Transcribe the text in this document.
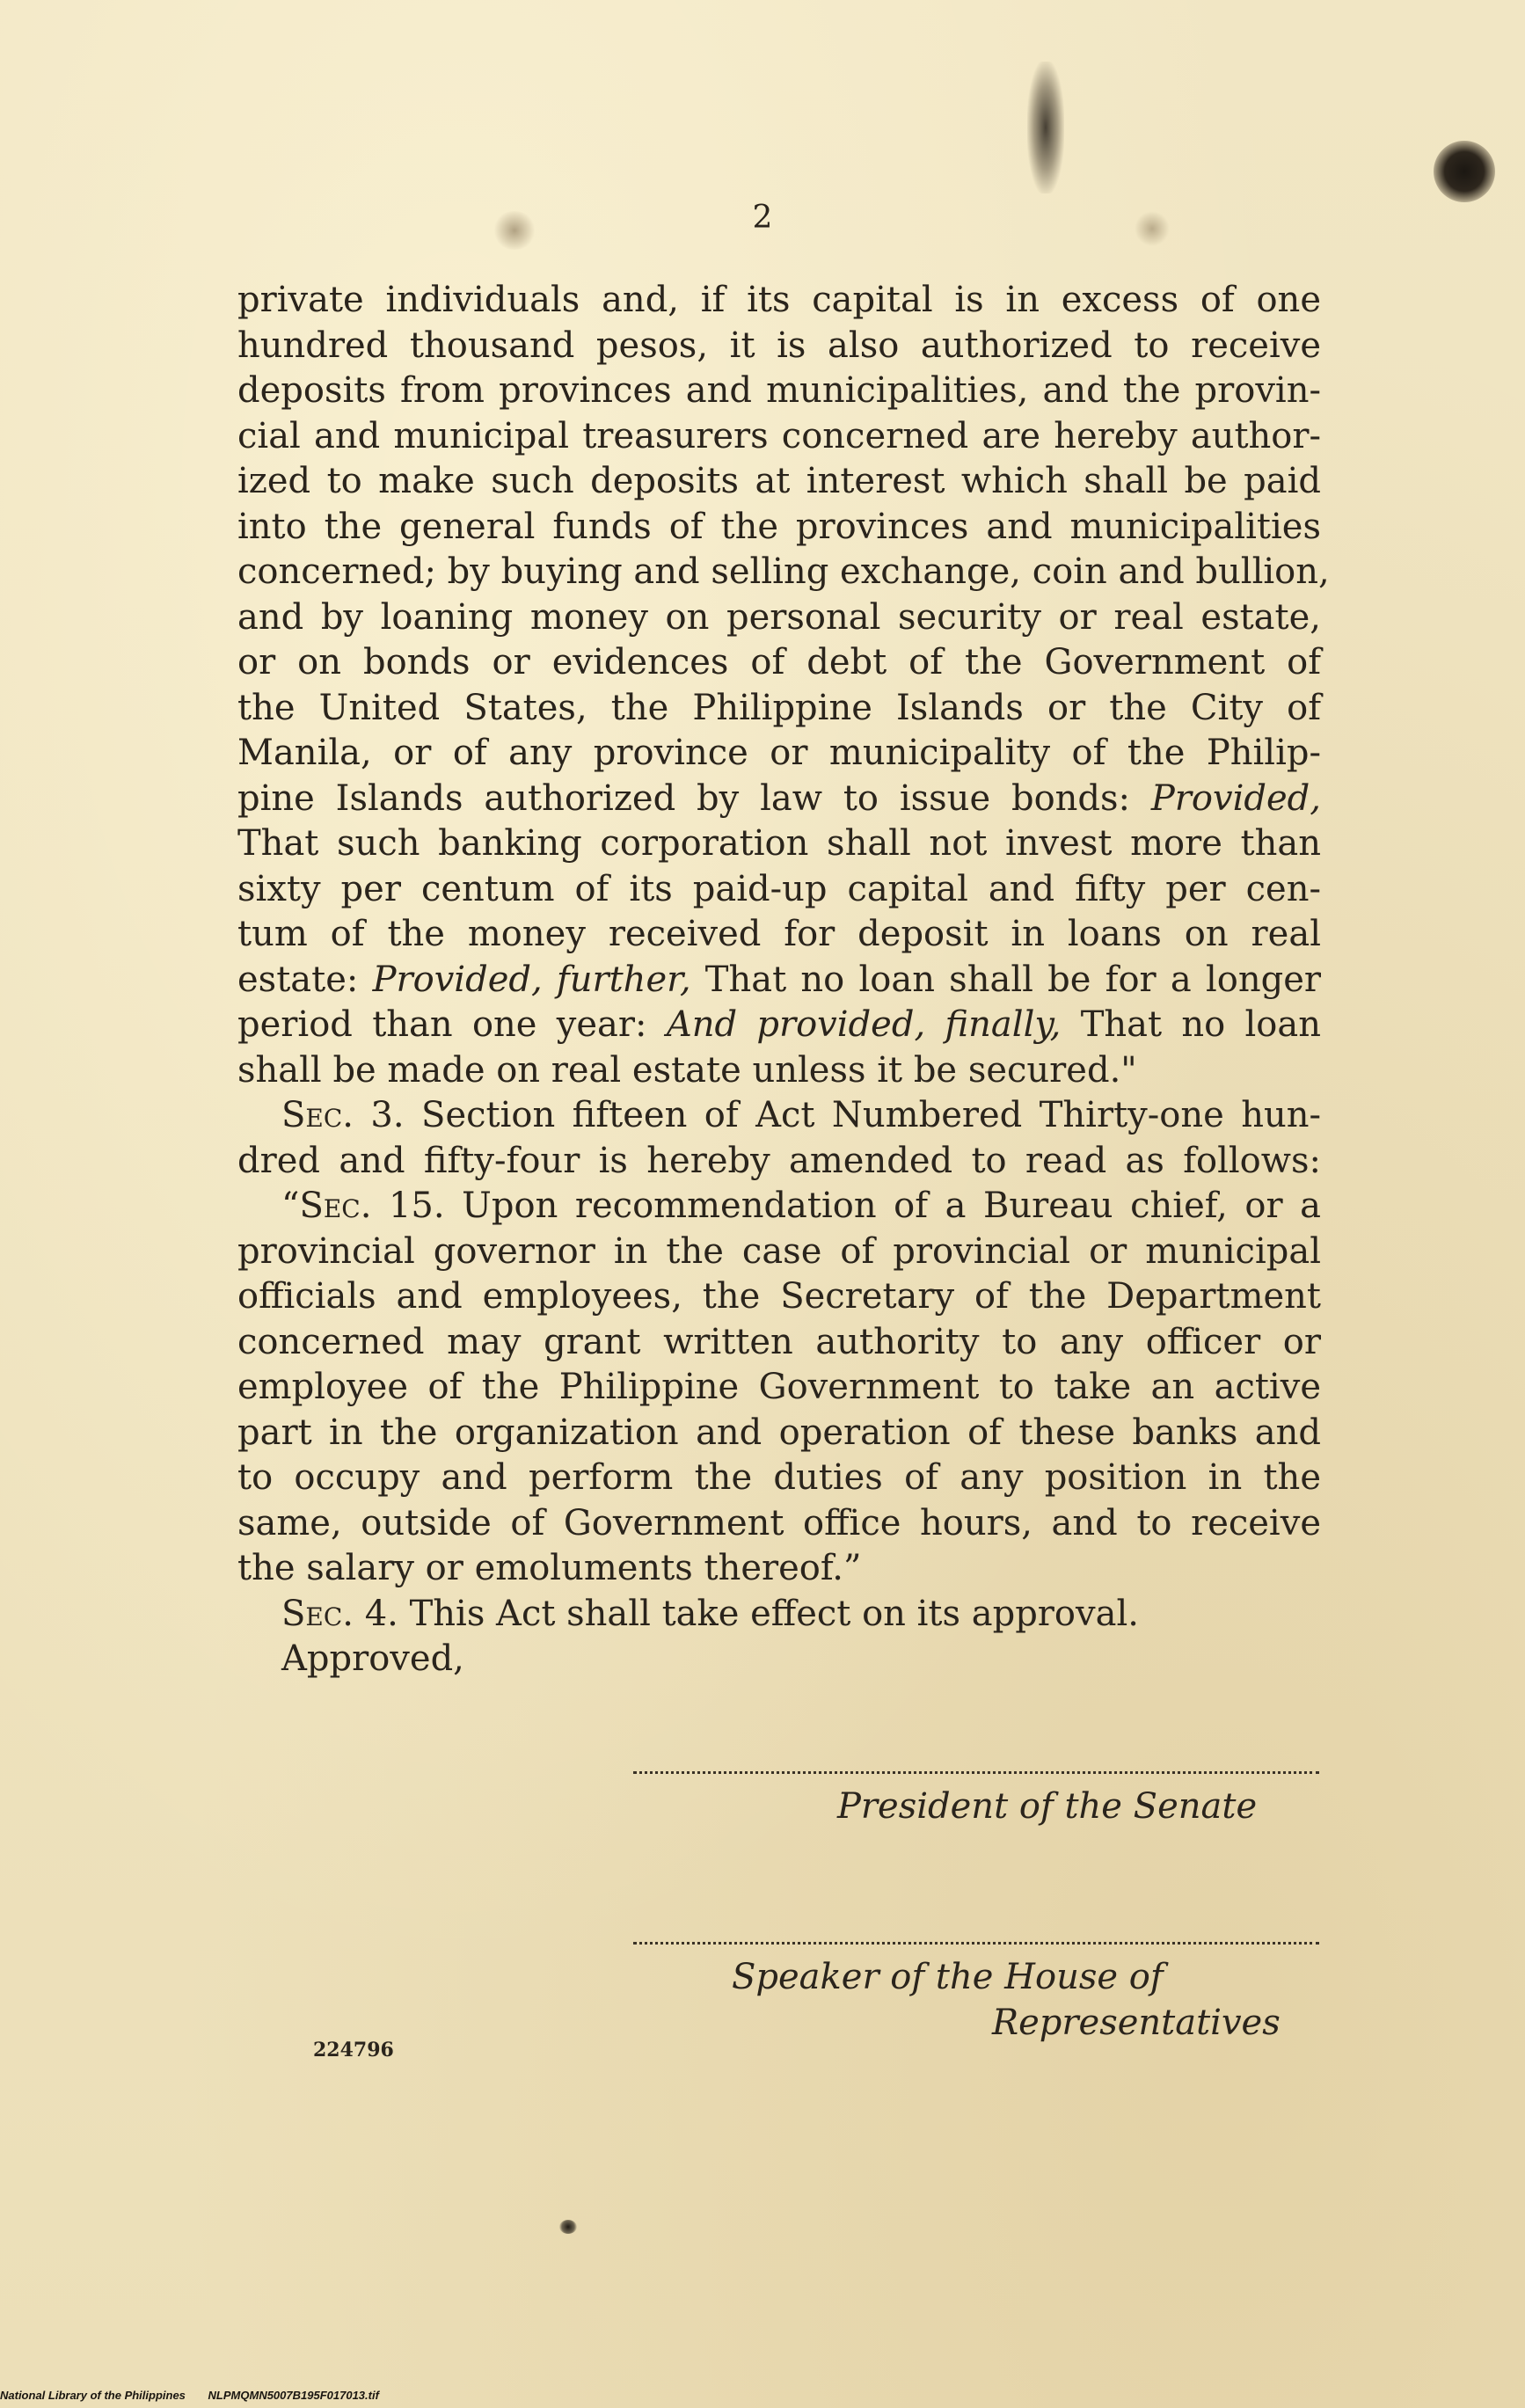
2
private individuals and, if its capital is in excess of one
hundred thousand pesos, it is also authorized to receive
deposits from provinces and municipalities, and the provin-
cial and municipal treasurers concerned are hereby author-
ized to make such deposits at interest which shall be paid
into the general funds of the provinces and municipalities
concerned; by buying and selling exchange, coin and bullion,
and by loaning money on personal security or real estate,
or on bonds or evidences of debt of the Government of
the United States, the Philippine Islands or the City of
Manila, or of any province or municipality of the Philip-
pine Islands authorized by law to issue bonds: Provided,
That such banking corporation shall not invest more than
sixty per centum of its paid-up capital and fifty per cen-
tum of the money received for deposit in loans on real
estate: Provided, further, That no loan shall be for a longer
period than one year: And provided, finally, That no loan
shall be made on real estate unless it be secured."
Sec. 3. Section fifteen of Act Numbered Thirty-one hun-
dred and fifty-four is hereby amended to read as follows:
“Sec. 15. Upon recommendation of a Bureau chief, or a
provincial governor in the case of provincial or municipal
officials and employees, the Secretary of the Department
concerned may grant written authority to any officer or
employee of the Philippine Government to take an active
part in the organization and operation of these banks and
to occupy and perform the duties of any position in the
same, outside of Government office hours, and to receive
the salary or emoluments thereof.”
Sec. 4. This Act shall take effect on its approval.
Approved,
President of the Senate
Speaker of the House of
Representatives
224796
National Library of the Philippines NLPMQMN5007B195F017013.tif
